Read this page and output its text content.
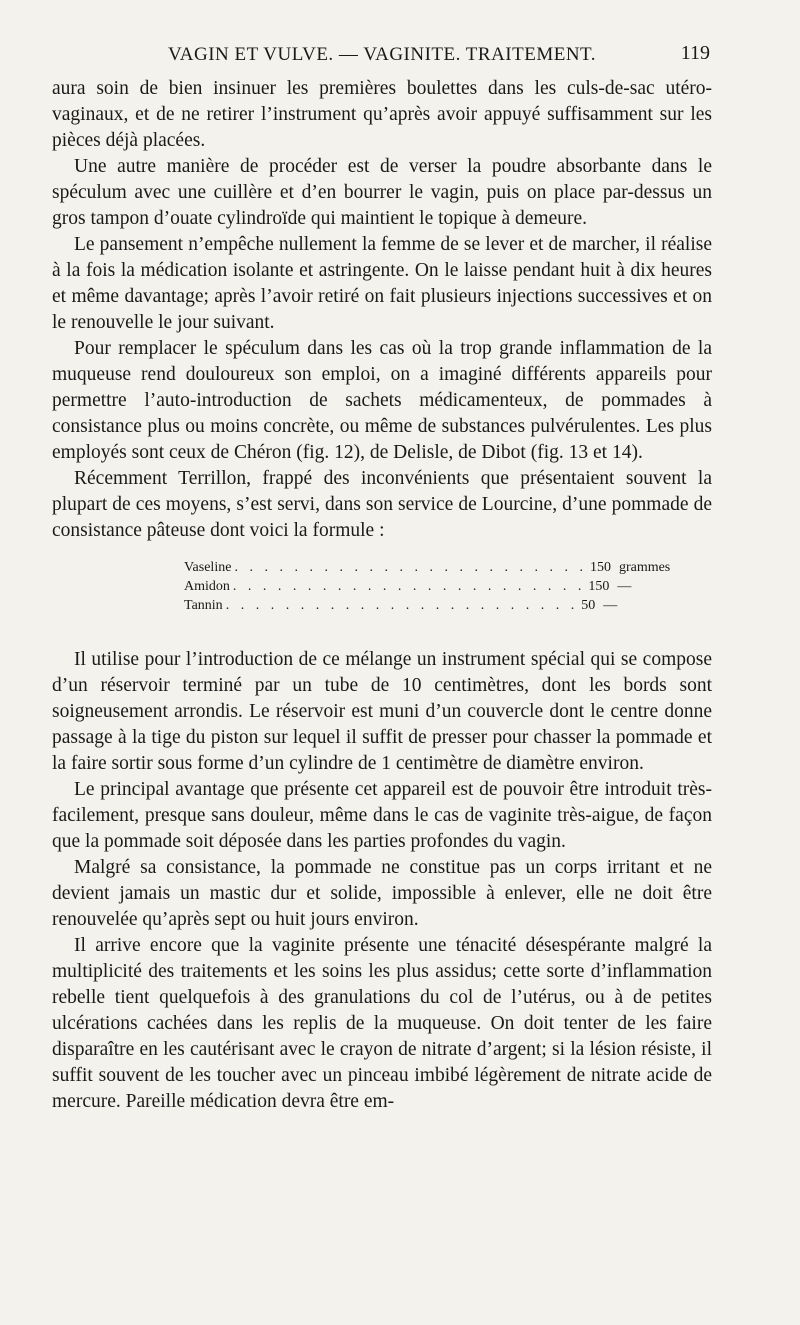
VAGIN ET VULVE. — VAGINITE. TRAITEMENT.	119

aura soin de bien insinuer les premières boulettes dans les culs-de-sac utéro-vaginaux, et de ne retirer l’instrument qu’après avoir appuyé suffisamment sur les pièces déjà placées.

Une autre manière de procéder est de verser la poudre absorbante dans le spéculum avec une cuillère et d’en bourrer le vagin, puis on place par-dessus un gros tampon d’ouate cylindroïde qui maintient le topique à demeure.

Le pansement n’empêche nullement la femme de se lever et de marcher, il réalise à la fois la médication isolante et astringente. On le laisse pendant huit à dix heures et même davantage; après l’avoir retiré on fait plusieurs injections successives et on le renouvelle le jour suivant.

Pour remplacer le spéculum dans les cas où la trop grande inflammation de la muqueuse rend douloureux son emploi, on a imaginé différents appareils pour permettre l’auto-introduction de sachets médicamenteux, de pommades à consistance plus ou moins concrète, ou même de substances pulvérulentes. Les plus employés sont ceux de Chéron (fig. 12), de Delisle, de Dibot (fig. 13 et 14).

Récemment Terrillon, frappé des inconvénients que présentaient souvent la plupart de ces moyens, s’est servi, dans son service de Lourcine, d’une pommade de consistance pâteuse dont voici la formule :

Vaseline . . . . . . . . . . . . . . . . . . . . . . . . 150 grammes
Amidon . . . . . . . . . . . . . . . . . . . . . . . . 150 —
Tannin . . . . . . . . . . . . . . . . . . . . . . . . 50 —

Il utilise pour l’introduction de ce mélange un instrument spécial qui se compose d’un réservoir terminé par un tube de 10 centimètres, dont les bords sont soigneusement arrondis. Le réservoir est muni d’un couvercle dont le centre donne passage à la tige du piston sur lequel il suffit de presser pour chasser la pommade et la faire sortir sous forme d’un cylindre de 1 centimètre de diamètre environ.

Le principal avantage que présente cet appareil est de pouvoir être introduit très-facilement, presque sans douleur, même dans le cas de vaginite très-aigue, de façon que la pommade soit déposée dans les parties profondes du vagin.

Malgré sa consistance, la pommade ne constitue pas un corps irritant et ne devient jamais un mastic dur et solide, impossible à enlever, elle ne doit être renouvelée qu’après sept ou huit jours environ.

Il arrive encore que la vaginite présente une ténacité désespérante malgré la multiplicité des traitements et les soins les plus assidus; cette sorte d’inflammation rebelle tient quelquefois à des granulations du col de l’utérus, ou à de petites ulcérations cachées dans les replis de la muqueuse. On doit tenter de les faire disparaître en les cautérisant avec le crayon de nitrate d’argent; si la lésion résiste, il suffit souvent de les toucher avec un pinceau imbibé légèrement de nitrate acide de mercure. Pareille médication devra être em-
